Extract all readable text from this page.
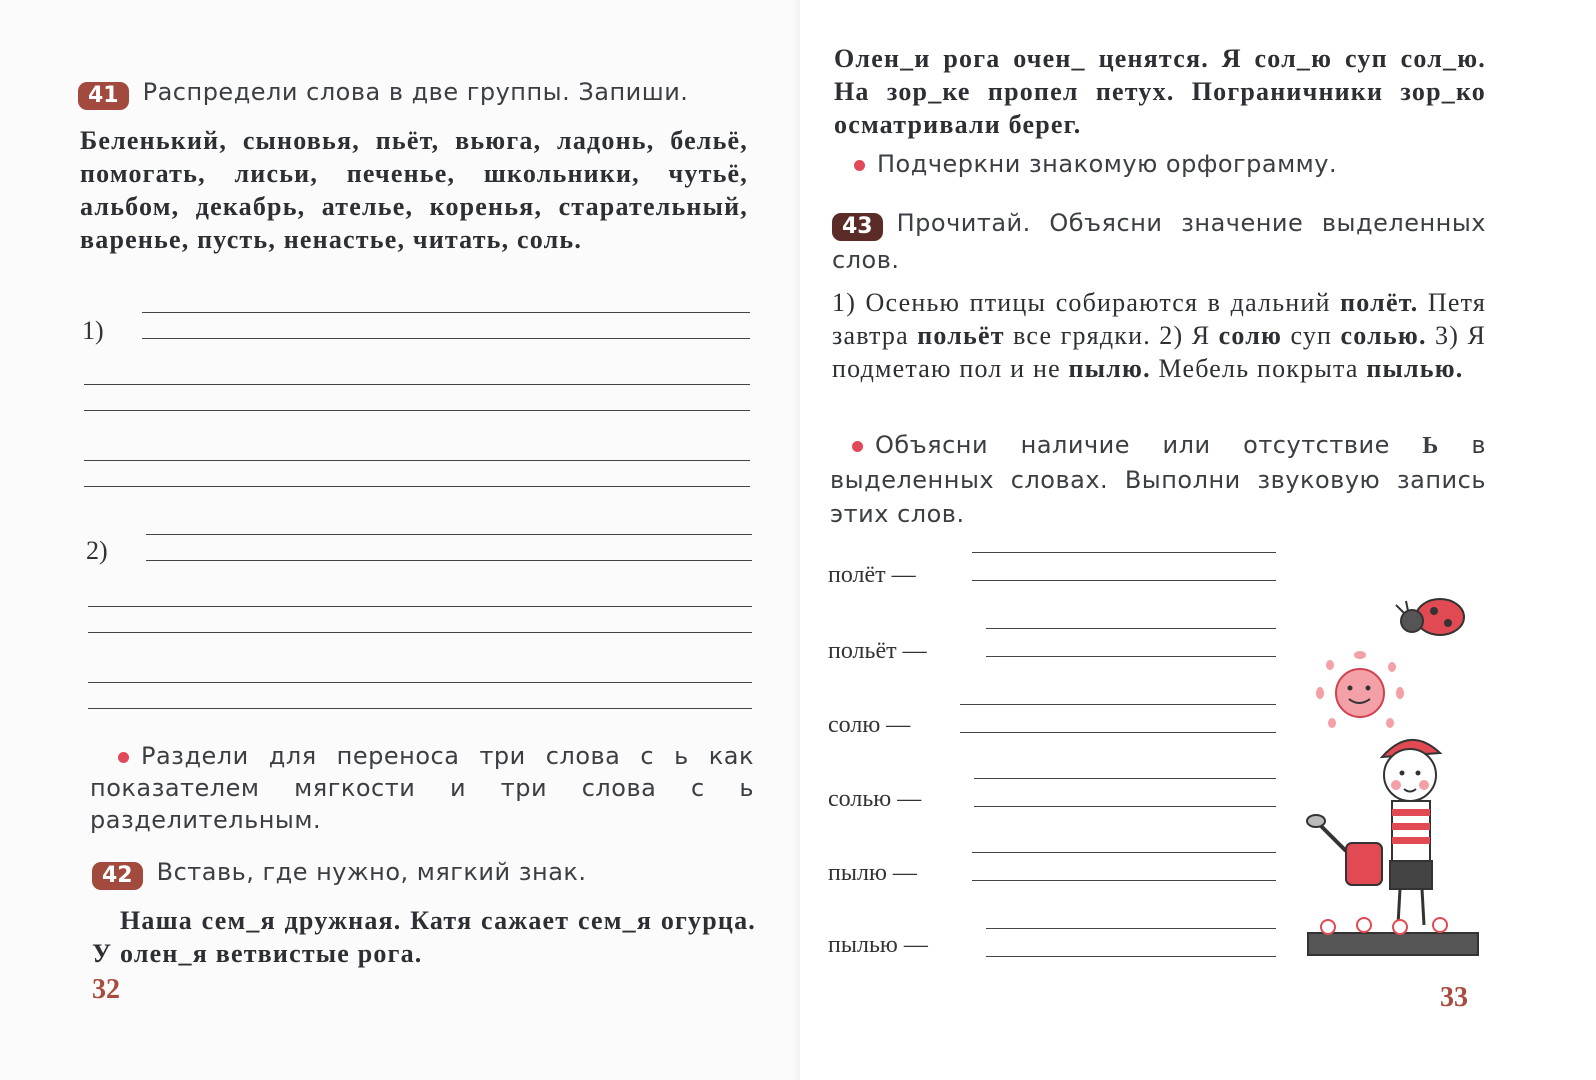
41 Распредели слова в две группы. Запиши.
Беленький, сыновья, пьёт, вьюга, ладонь, бельё, помогать, лисьи, печенье, школьники, чутьё, альбом, декабрь, ателье, коренья, старательный, варенье, пусть, ненастье, читать, соль.
1)
2)
Раздели для переноса три слова с ь как показателем мягкости и три слова с ь разделительным.
42 Вставь, где нужно, мягкий знак.
Наша сем_я дружная. Катя сажает сем_я огурца. У олен_я ветвистые рога.
32
Олен_и рога очен_ ценятся. Я сол_ю суп сол_ю. На зор_ке пропел петух. Пограничники зор_ко осматривали берег.
Подчеркни знакомую орфограмму.
43 Прочитай. Объясни значение выделенных слов.
1) Осенью птицы собираются в дальний полёт. Петя завтра польёт все грядки. 2) Я солю суп солью. 3) Я подметаю пол и не пылю. Мебель покрыта пылью.
Объясни наличие или отсутствие Ь в выделенных словах. Выполни звуковую запись этих слов.
полёт —
польёт —
солю —
солью —
пылю —
пылью —
33
